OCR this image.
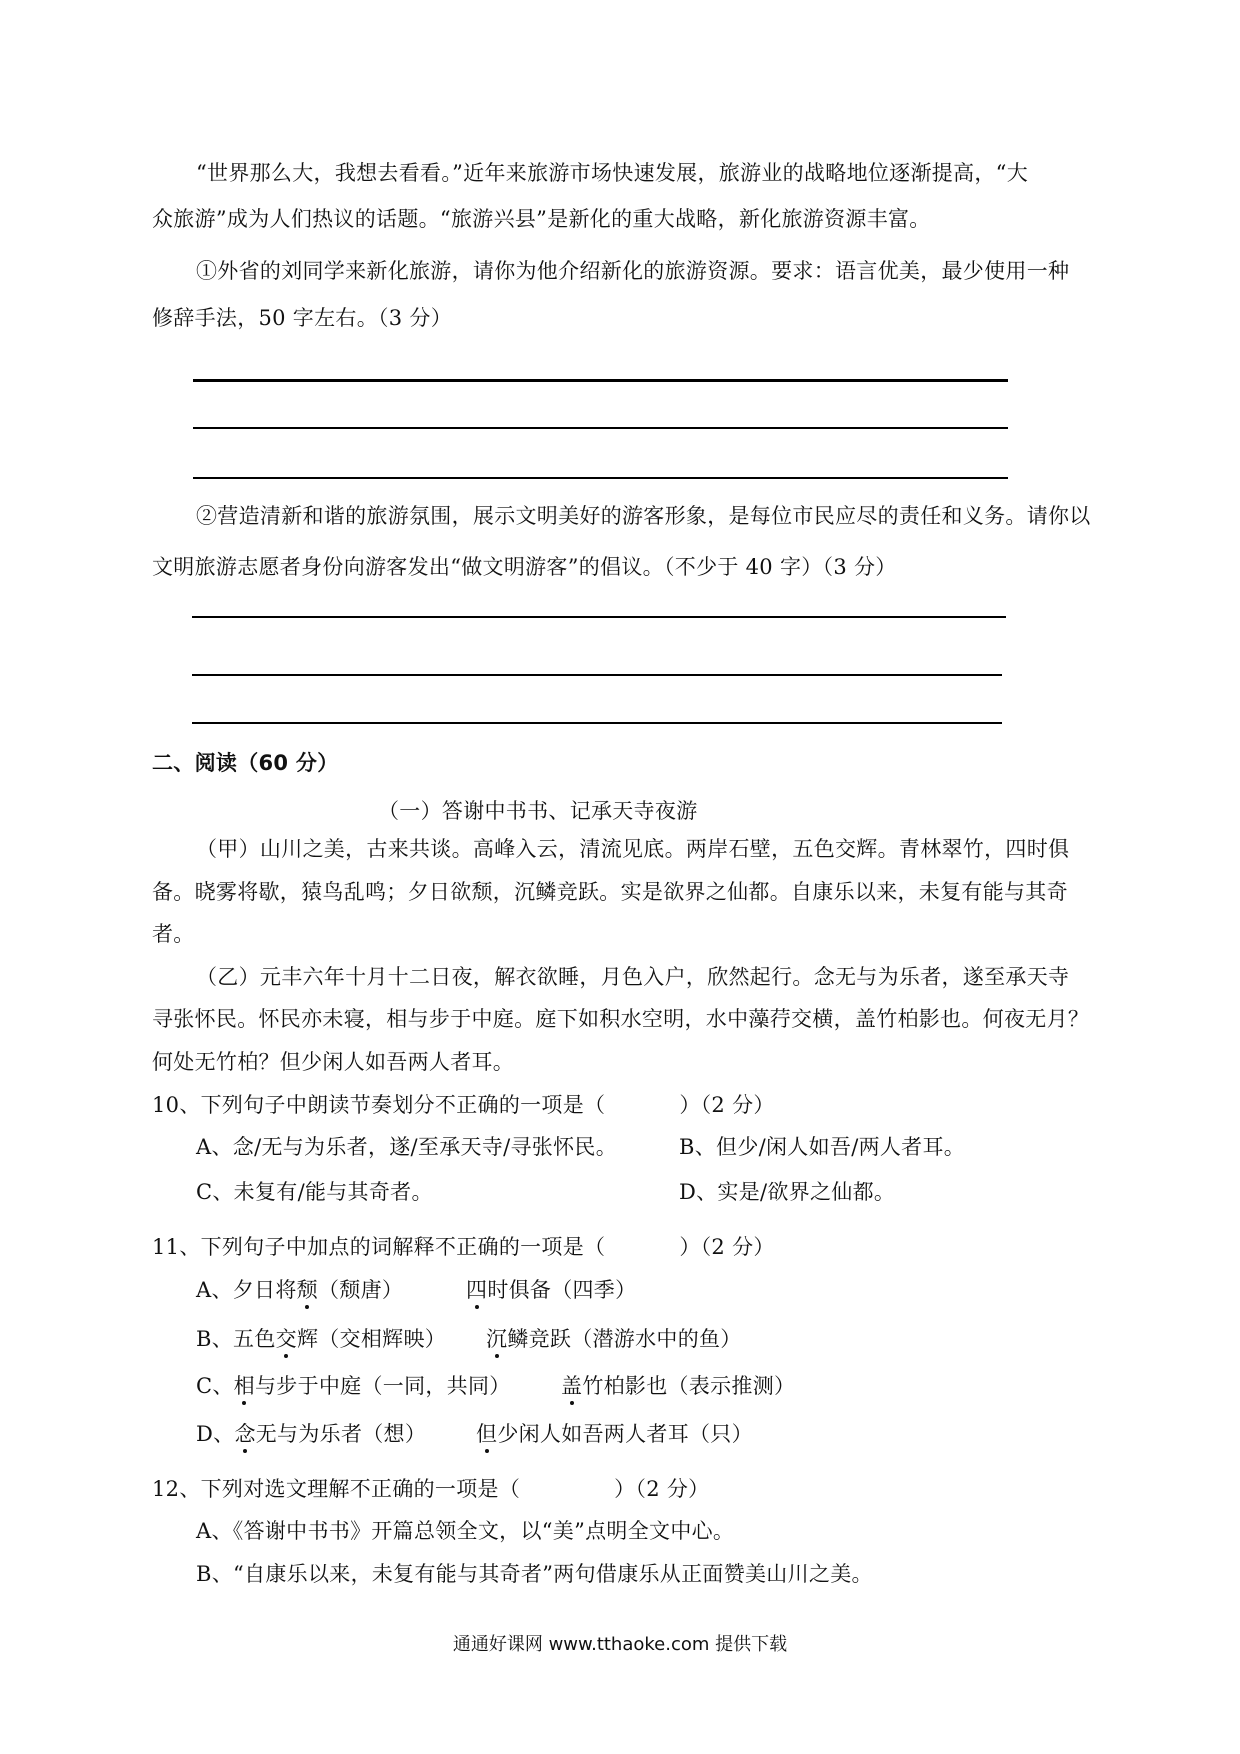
“世界那么大，我想去看看。”近年来旅游市场快速发展，旅游业的战略地位逐渐提高，“大
众旅游”成为人们热议的话题。“旅游兴县”是新化的重大战略，新化旅游资源丰富。
①外省的刘同学来新化旅游，请你为他介绍新化的旅游资源。要求：语言优美，最少使用一种
修辞手法，50 字左右。（3 分）
②营造清新和谐的旅游氛围，展示文明美好的游客形象，是每位市民应尽的责任和义务。请你以
文明旅游志愿者身份向游客发出“做文明游客”的倡议。（不少于 40 字）（3 分）
二、阅读（60 分）
（一）答谢中书书、记承天寺夜游
（甲）山川之美，古来共谈。高峰入云，清流见底。两岸石壁，五色交辉。青林翠竹，四时俱
备。晓雾将歇，猿鸟乱鸣；夕日欲颓，沉鳞竞跃。实是欲界之仙都。自康乐以来，未复有能与其奇
者。
（乙）元丰六年十月十二日夜，解衣欲睡，月色入户，欣然起行。念无与为乐者，遂至承天寺
寻张怀民。怀民亦未寝，相与步于中庭。庭下如积水空明，水中藻荇交横，盖竹柏影也。何夜无月？
何处无竹柏？但少闲人如吾两人者耳。
10、下列句子中朗读节奏划分不正确的一项是（	）（2 分）
A、念/无与为乐者，遂/至承天寺/寻张怀民。	B、但少/闲人如吾/两人者耳。
C、未复有/能与其奇者。	D、实是/欲界之仙都。
11、下列句子中加点的词解释不正确的一项是（	）（2 分）
A、夕日将颓（颓唐）	四时俱备（四季）
B、五色交辉（交相辉映）	沉鳞竞跃（潜游水中的鱼）
C、相与步于中庭（一同，共同）	盖竹柏影也（表示推测）
D、念无与为乐者（想）	但少闲人如吾两人者耳（只）
12、下列对选文理解不正确的一项是（	）（2 分）
A、《答谢中书书》开篇总领全文，以“美”点明全文中心。
B、“自康乐以来，未复有能与其奇者”两句借康乐从正面赞美山川之美。
通通好课网 www.tthaoke.com 提供下载
